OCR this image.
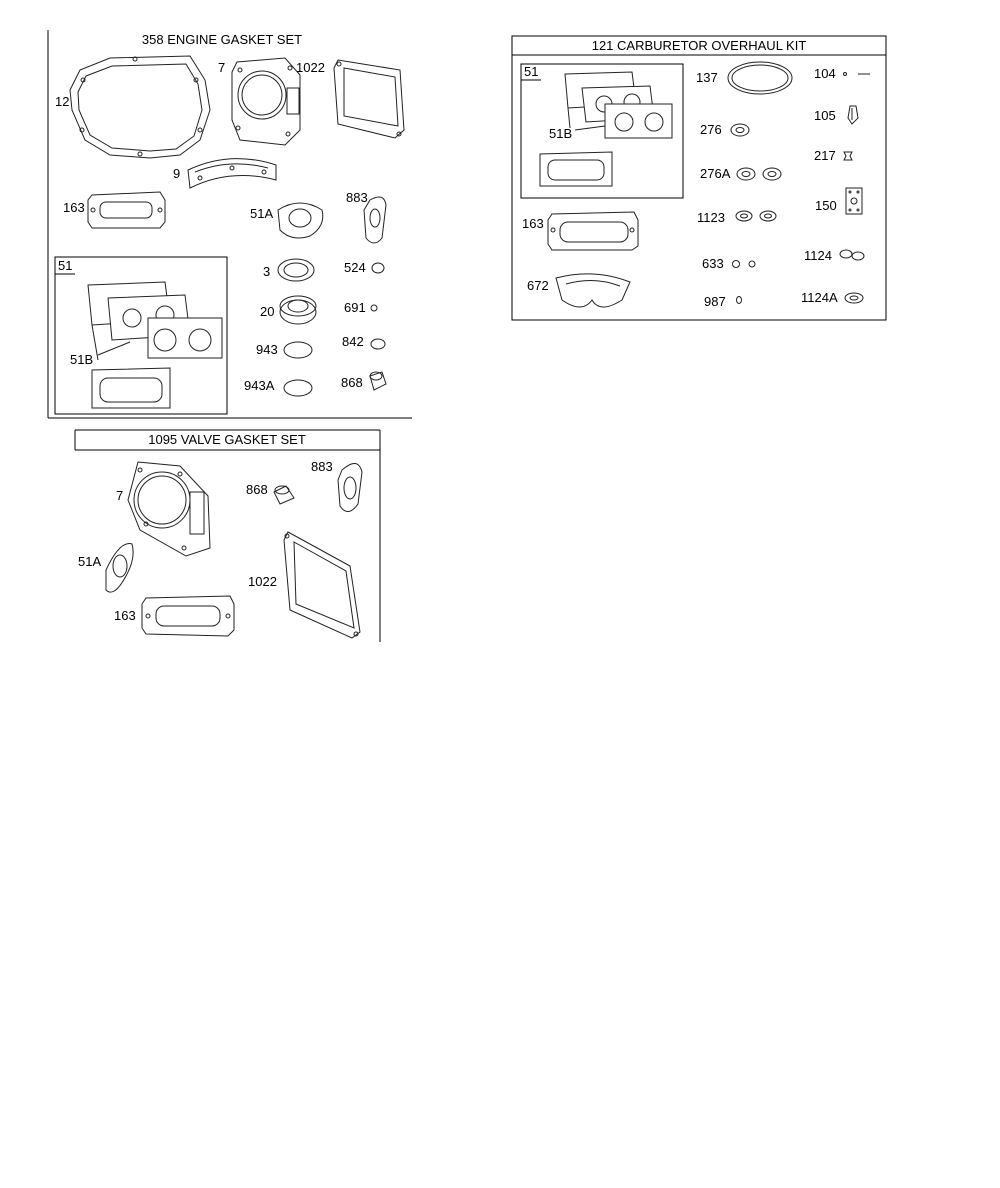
358 ENGINE GASKET SET
12
7	1022
9
163	51A
883
51
51B
3	524
20	691
943
842
943A	868
1095 VALVE GASKET SET
7
883
868
51A
1022
163
121 CARBURETOR OVERHAUL KIT
51
51B
163
672
137	104
105
276
217
276A
150
1123
1124
633
987	1124A
